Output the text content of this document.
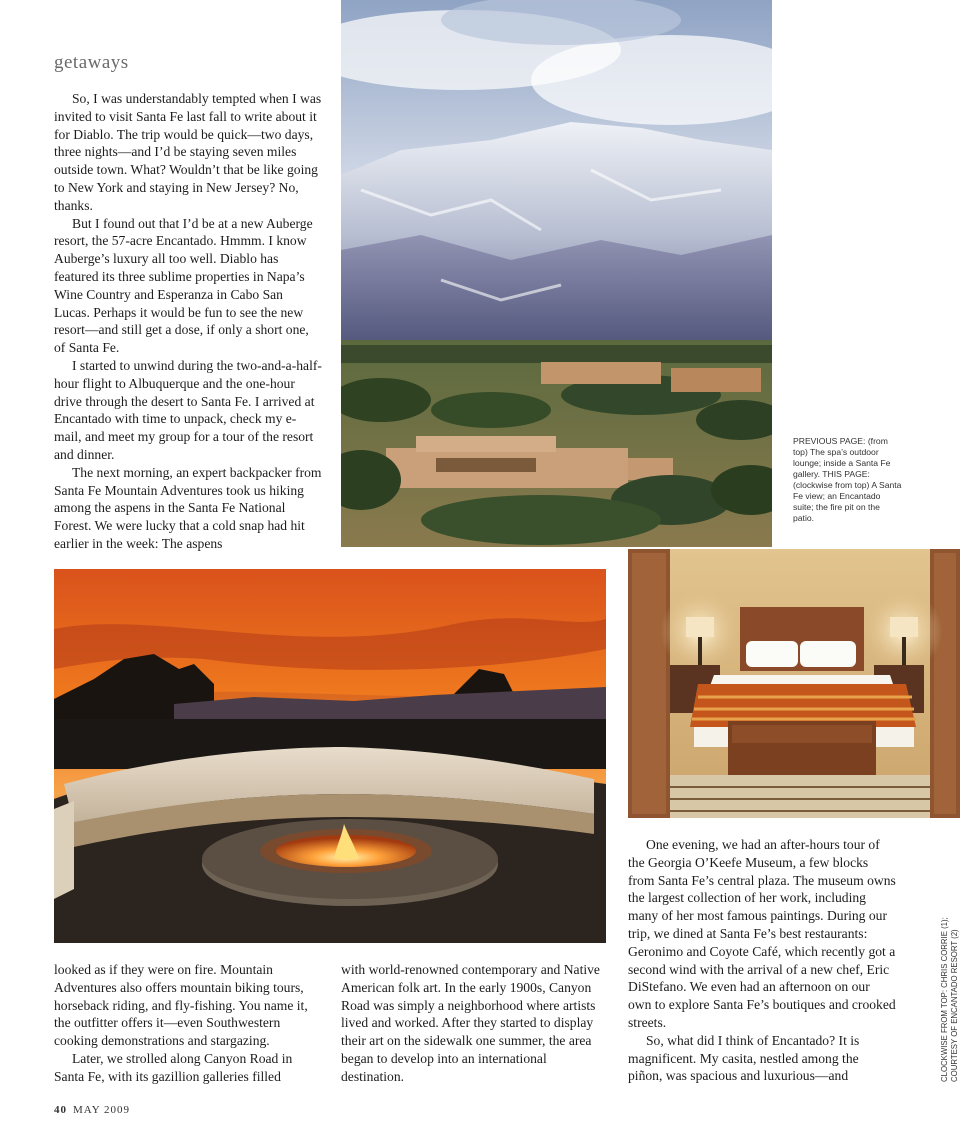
getaways

So, I was understandably tempted when I was invited to visit Santa Fe last fall to write about it for Diablo. The trip would be quick—two days, three nights—and I’d be staying seven miles outside town. What? Wouldn’t that be like going to New York and staying in New Jersey? No, thanks.

But I found out that I’d be at a new Auberge resort, the 57-acre Encantado. Hmmm. I know Auberge’s luxury all too well. Diablo has featured its three sublime properties in Napa’s Wine Country and Esperanza in Cabo San Lucas. Perhaps it would be fun to see the new resort—and still get a dose, if only a short one, of Santa Fe.

I started to unwind during the two-and-a-half-hour flight to Albuquerque and the one-hour drive through the desert to Santa Fe. I arrived at Encantado with time to unpack, check my e-mail, and meet my group for a tour of the resort and dinner.

The next morning, an expert backpacker from Santa Fe Mountain Adventures took us hiking among the aspens in the Santa Fe National Forest. We were lucky that a cold snap had hit earlier in the week: The aspens

PREVIOUS PAGE: (from top) The spa’s outdoor lounge; inside a Santa Fe gallery. THIS PAGE: (clockwise from top) A Santa Fe view; an Encantado suite; the fire pit on the patio.

looked as if they were on fire. Mountain Adventures also offers mountain biking tours, horseback riding, and fly-fishing. You name it, the outfitter offers it—even Southwestern cooking demonstrations and stargazing.

Later, we strolled along Canyon Road in Santa Fe, with its gazillion galleries filled

with world-renowned contemporary and Native American folk art. In the early 1900s, Canyon Road was simply a neighborhood where artists lived and worked. After they started to display their art on the sidewalk one summer, the area began to develop into an international destination.

One evening, we had an after-hours tour of the Georgia O’Keefe Museum, a few blocks from Santa Fe’s central plaza. The museum owns the largest collection of her work, including many of her most famous paintings. During our trip, we dined at Santa Fe’s best restaurants: Geronimo and Coyote Café, which recently got a second wind with the arrival of a new chef, Eric DiStefano. We even had an afternoon on our own to explore Santa Fe’s boutiques and crooked streets.

So, what did I think of Encantado? It is magnificent. My casita, nestled among the piñon, was spacious and luxurious—and	CLOCKWISE FROM TOP: CHRIS CORRIE (1); COURTESY OF ENCANTADO RESORT (2)
40 MAY 2009
